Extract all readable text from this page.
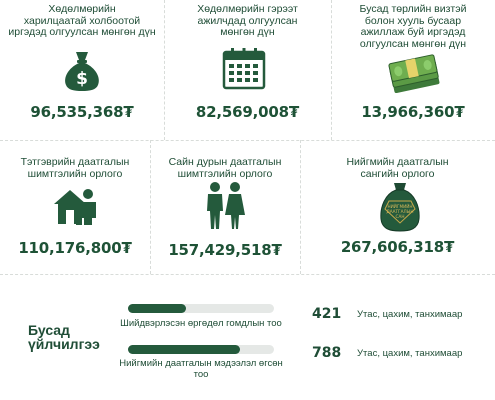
Хөдөлмөрийн
харилцаатай холбоотой
иргэдэд олгуулсан мөнгөн дүн
$
96,535,368₮
Хөдөлмөрийн гэрээт
ажилчдад олгуулсан
мөнгөн дүн
82,569,008₮
Бусад төрлийн визтэй
болон хууль бусаар
ажиллаж буй иргэдэд
олгуулсан мөнгөн дүн
13,966,360₮
Тэтгэврийн даатгалын
шимтгэлийн орлого
110,176,800₮
Сайн дурын даатгалын
шимтгэлийн орлого
157,429,518₮
Нийгмийн даатгалын
сангийн орлого
НИЙГМИЙН
ДААТГАЛЫН
САН
267,606,318₮
Бусад
үйлчилгээ
Шийдвэрлэсэн өргөдөл гомдлын тоо
421 Утас, цахим, танхимаар
Нийгмийн даатгалын мэдээлэл өгсөн тоо
788 Утас, цахим, танхимаар
